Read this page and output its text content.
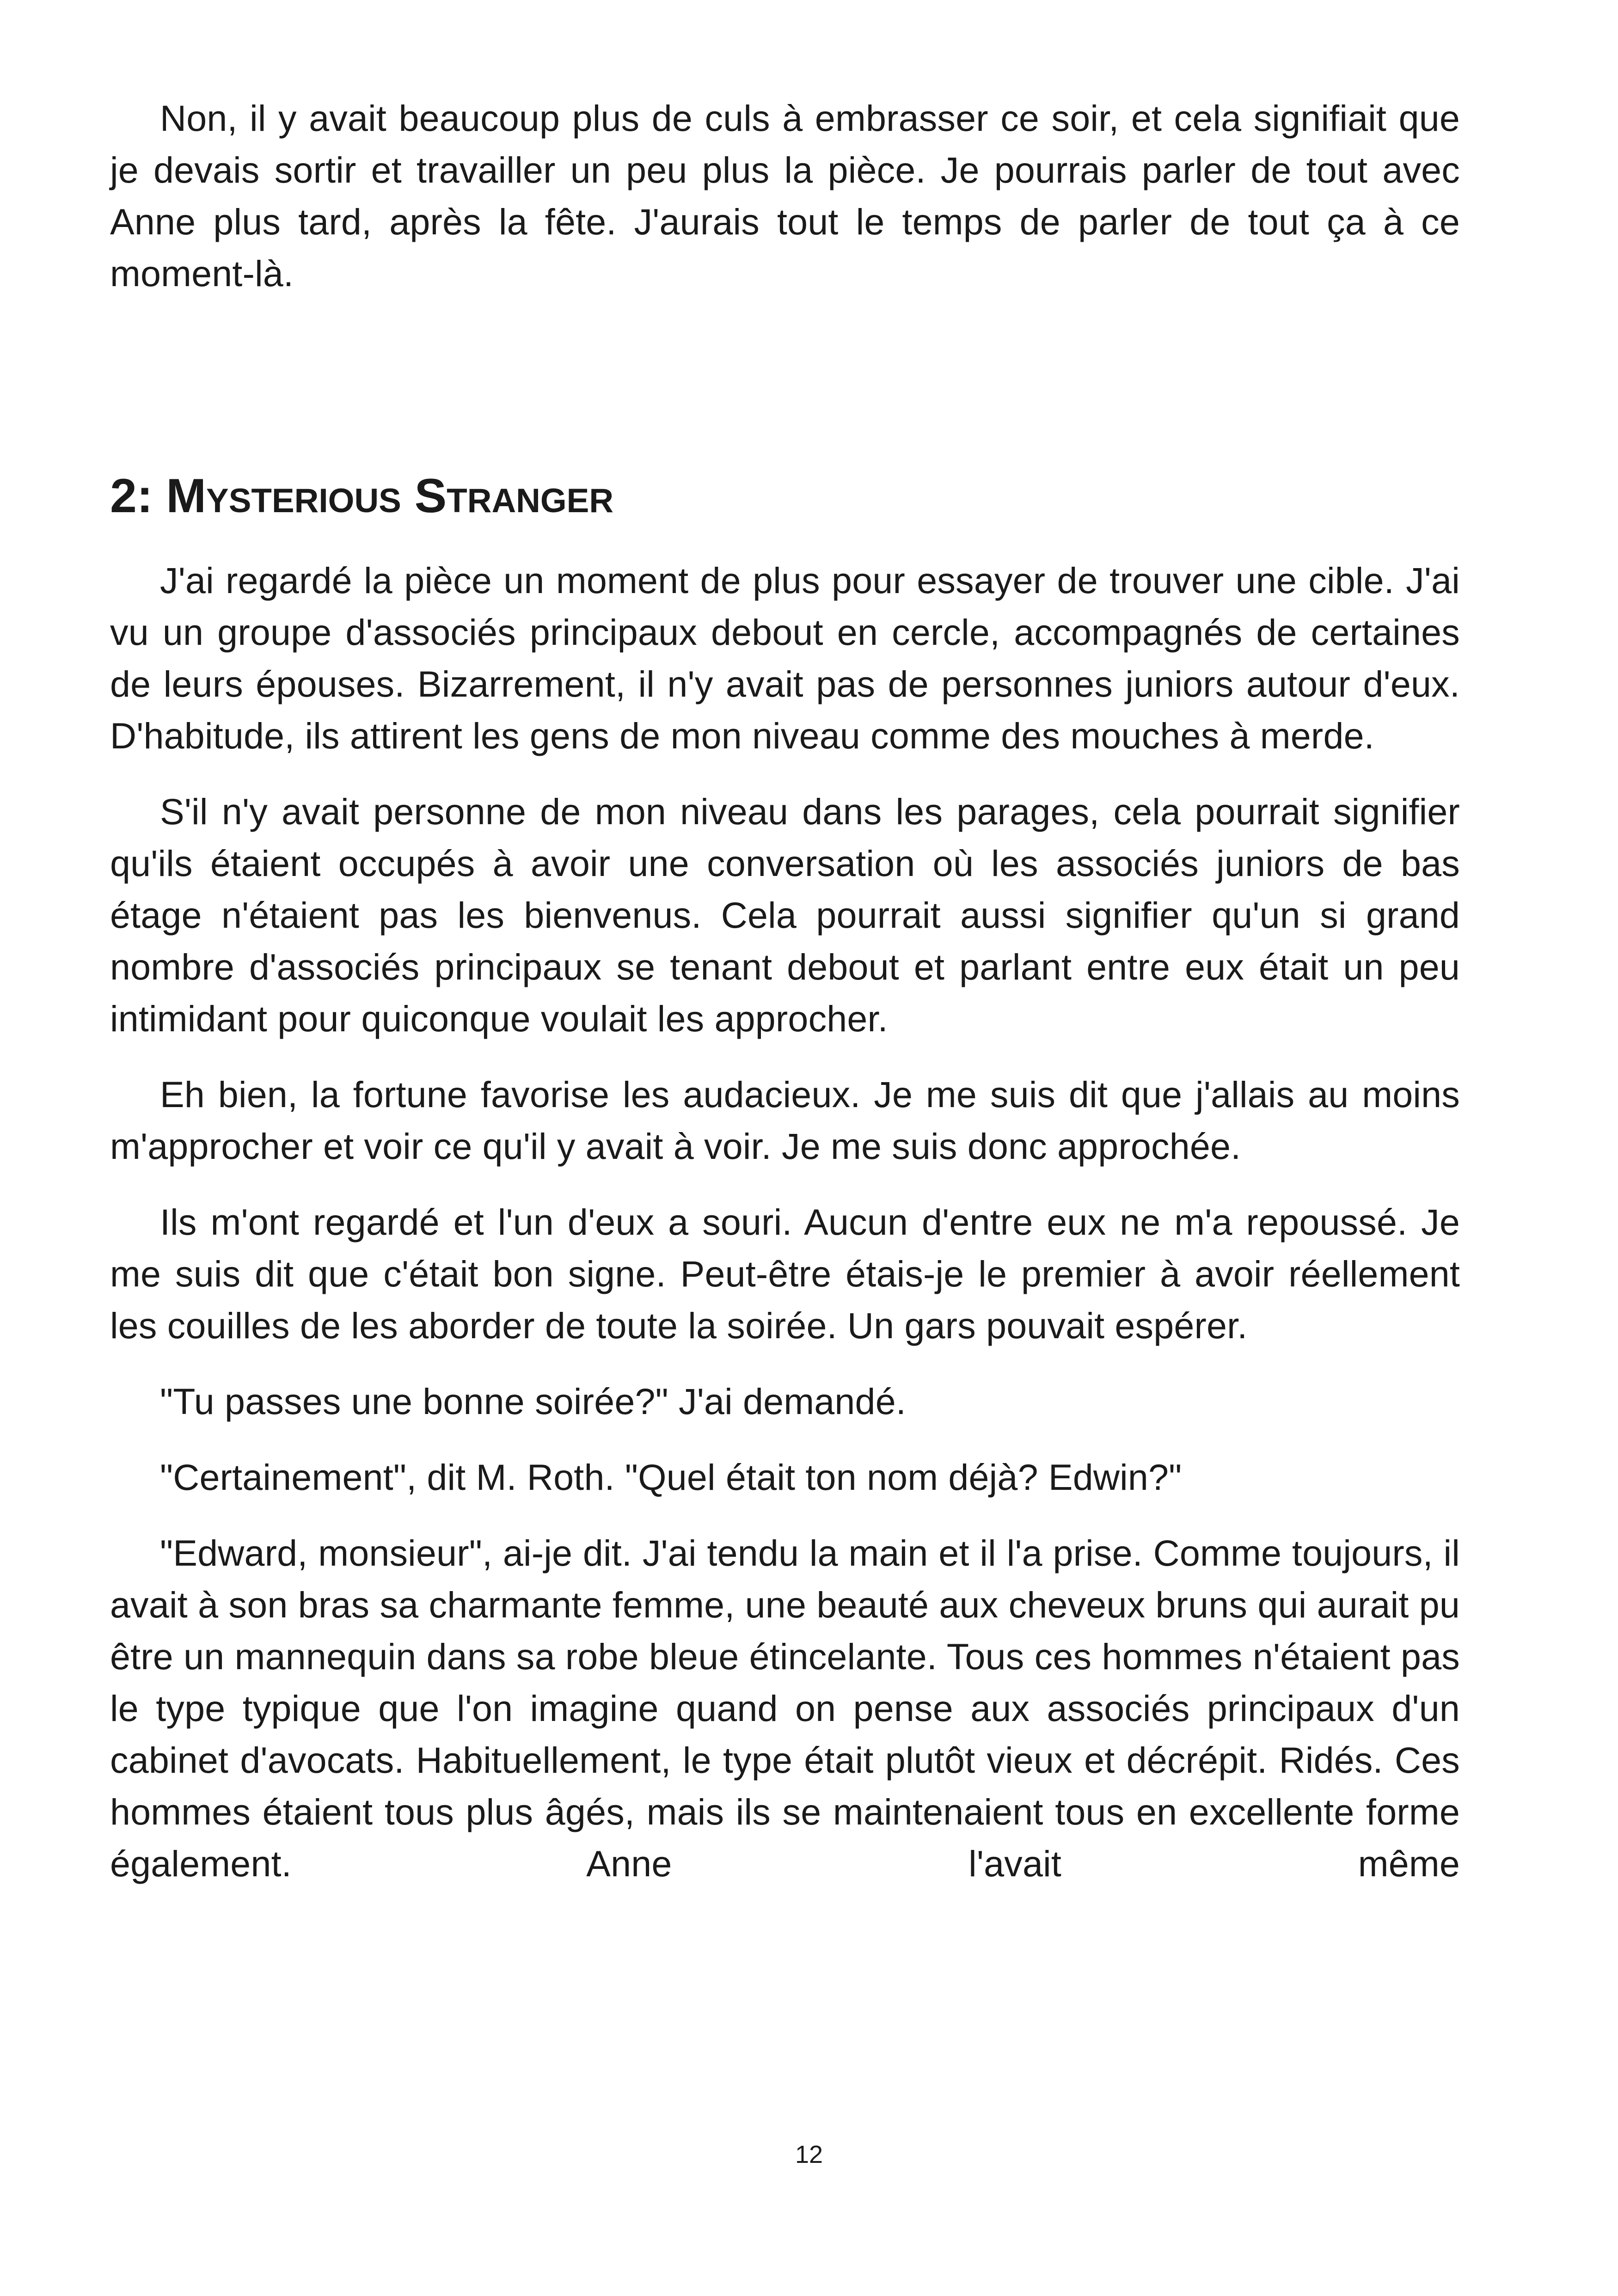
Non, il y avait beaucoup plus de culs à embrasser ce soir, et cela signifiait que je devais sortir et travailler un peu plus la pièce. Je pourrais parler de tout avec Anne plus tard, après la fête. J'aurais tout le temps de parler de tout ça à ce moment-là.

2: Mysterious Stranger

J'ai regardé la pièce un moment de plus pour essayer de trouver une cible. J'ai vu un groupe d'associés principaux debout en cercle, accompagnés de certaines de leurs épouses. Bizarrement, il n'y avait pas de personnes juniors autour d'eux. D'habitude, ils attirent les gens de mon niveau comme des mouches à merde.

S'il n'y avait personne de mon niveau dans les parages, cela pourrait signifier qu'ils étaient occupés à avoir une conversation où les associés juniors de bas étage n'étaient pas les bienvenus. Cela pourrait aussi signifier qu'un si grand nombre d'associés principaux se tenant debout et parlant entre eux était un peu intimidant pour quiconque voulait les approcher.

Eh bien, la fortune favorise les audacieux. Je me suis dit que j'allais au moins m'approcher et voir ce qu'il y avait à voir. Je me suis donc approchée.

Ils m'ont regardé et l'un d'eux a souri. Aucun d'entre eux ne m'a repoussé. Je me suis dit que c'était bon signe. Peut-être étais-je le premier à avoir réellement les couilles de les aborder de toute la soirée. Un gars pouvait espérer.

"Tu passes une bonne soirée?" J'ai demandé.

"Certainement", dit M. Roth. "Quel était ton nom déjà? Edwin?"

"Edward, monsieur", ai-je dit. J'ai tendu la main et il l'a prise. Comme toujours, il avait à son bras sa charmante femme, une beauté aux cheveux bruns qui aurait pu être un mannequin dans sa robe bleue étincelante. Tous ces hommes n'étaient pas le type typique que l'on imagine quand on pense aux associés principaux d'un cabinet d'avocats. Habituellement, le type était plutôt vieux et décrépit. Ridés. Ces hommes étaient tous plus âgés, mais ils se maintenaient tous en excellente forme également. Anne l'avait même

12
